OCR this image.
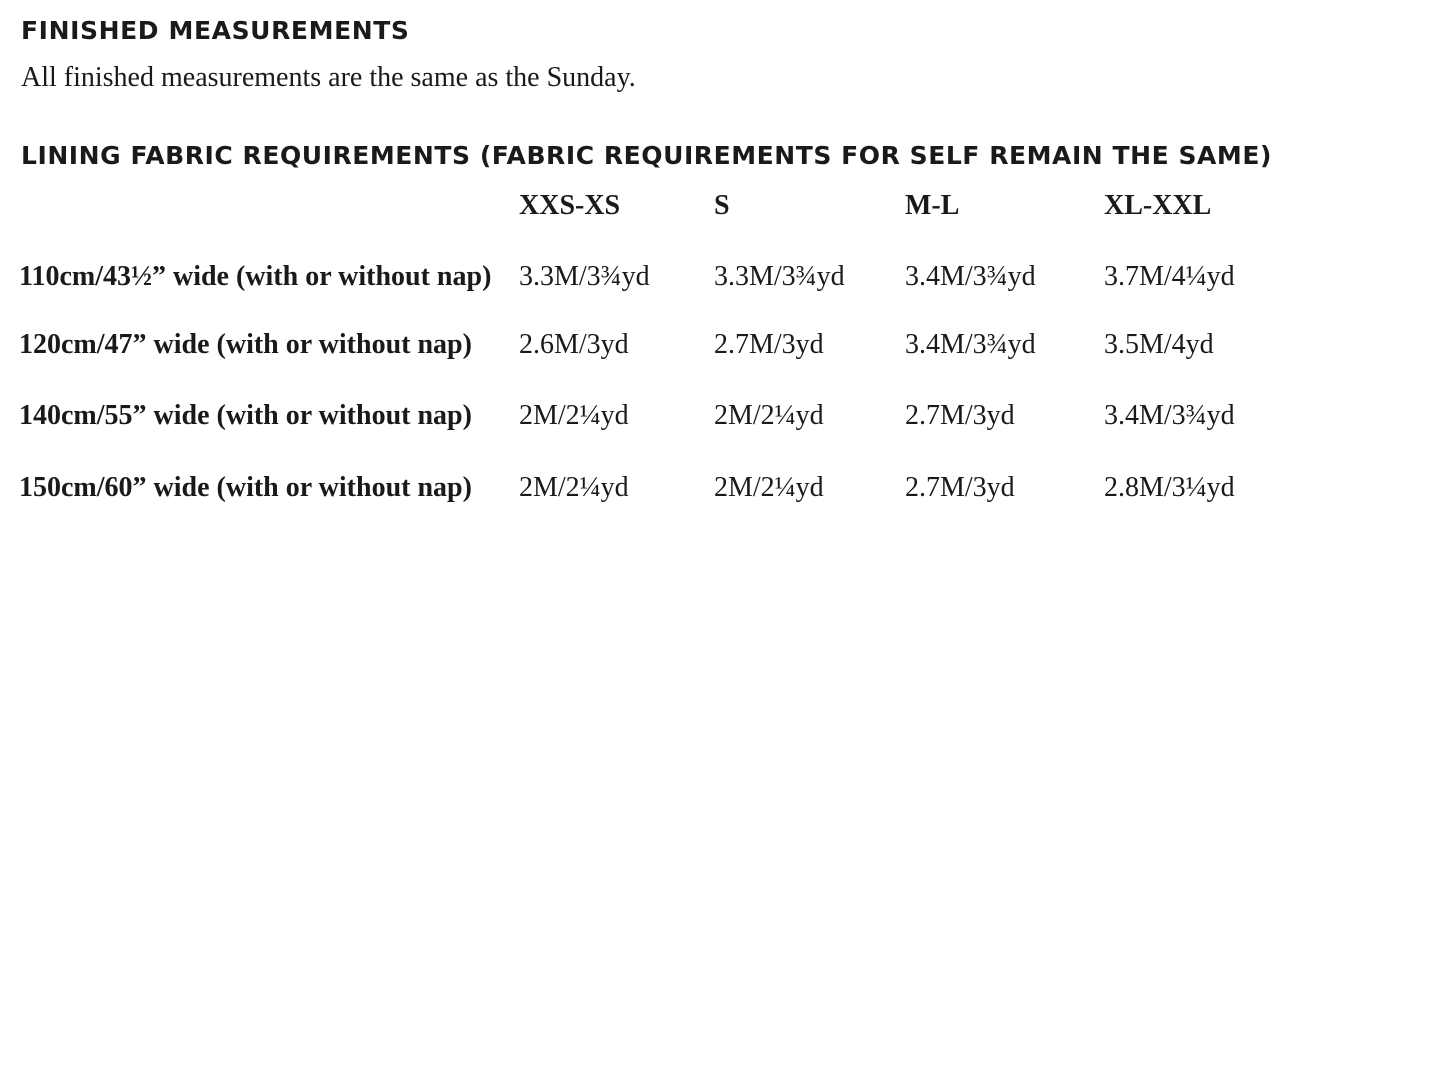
FINISHED MEASUREMENTS

All finished measurements are the same as the Sunday.

LINING FABRIC REQUIREMENTS (FABRIC REQUIREMENTS FOR SELF REMAIN THE SAME)
XXS-XS	S	M-L	XL-XXL
110cm/43½” wide (with or without nap) 3.3M/3¾yd 3.3M/3¾yd 3.4M/3¾yd 3.7M/4¼yd
120cm/47” wide (with or without nap) 2.6M/3yd	2.7M/3yd	3.4M/3¾yd 3.5M/4yd
140cm/55” wide (with or without nap) 2M/2¼yd	2M/2¼yd	2.7M/3yd	3.4M/3¾yd
150cm/60” wide (with or without nap) 2M/2¼yd	2M/2¼yd	2.7M/3yd	2.8M/3¼yd
